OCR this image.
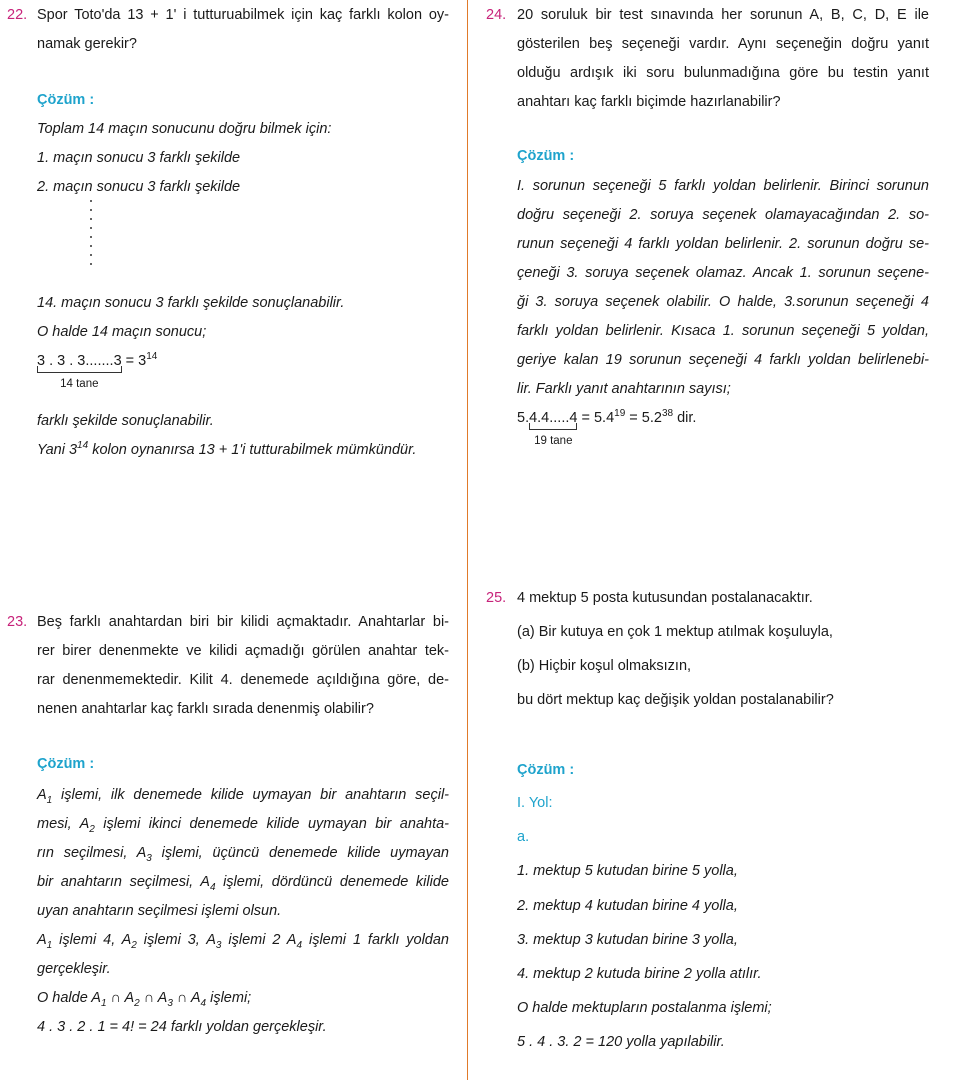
22. Spor Toto'da 13 + 1' i tutturuabilmek için kaç farklı kolon oy-
namak gerekir?
Çözüm :
Toplam 14 maçın sonucunu doğru bilmek için:
1. maçın sonucu 3 farklı şekilde
2. maçın sonucu 3 farklı şekilde
14. maçın sonucu 3 farklı şekilde sonuçlanabilir.
O halde 14 maçın sonucu;
3 . 3 . 3.......3
14 tane
= $3^{14}$
farklı şekilde sonuçlanabilir.
Yani $3^{14}$ kolon oynanırsa 13 + 1'i tutturabilmek mümkündür.
23. Beş farklı anahtardan biri bir kilidi açmaktadır. Anahtarlar bi-
rer birer denenmekte ve kilidi açmadığı görülen anahtar tek-
rar denenmemektedir. Kilit 4. denemede açıldığına göre, de-
nenen anahtarlar kaç farklı sırada denenmiş olabilir?
Çözüm :
$A_1$ işlemi, ilk denemede kilide uymayan bir anahtarın seçil-
mesi, $A_2$ işlemi ikinci denemede kilide uymayan bir anahta-
rın seçilmesi, $A_3$ işlemi, üçüncü denemede kilide uymayan
bir anahtarın seçilmesi, $A_4$ işlemi, dördüncü denemede kilide
uyan anahtarın seçilmesi işlemi olsun.
$A_1$ işlemi 4, $A_2$ işlemi 3, $A_3$ işlemi 2 $A_4$ işlemi 1 farklı yoldan
gerçekleşir.
O halde $A_1$ ∩ $A_2$ ∩ $A_3$ ∩ $A_4$ işlemi;
4 . 3 . 2 . 1 = 4! = 24 farklı yoldan gerçekleşir.
24. 20 soruluk bir test sınavında her sorunun A, B, C, D, E ile
gösterilen beş seçeneği vardır. Aynı seçeneğin doğru yanıt
olduğu ardışık iki soru bulunmadığına göre bu testin yanıt
anahtarı kaç farklı biçimde hazırlanabilir?
Çözüm :
I. sorunun seçeneği 5 farklı yoldan belirlenir. Birinci sorunun
doğru seçeneği 2. soruya seçenek olamayacağından 2. so-
runun seçeneği 4 farklı yoldan belirlenir. 2. sorunun doğru se-
çeneği 3. soruya seçenek olamaz. Ancak 1. sorunun seçene-
ği 3. soruya seçenek olabilir. O halde, 3.sorunun seçeneği 4
farklı yoldan belirlenir. Kısaca 1. sorunun seçeneği 5 yoldan,
geriye kalan 19 sorunun seçeneği 4 farklı yoldan belirlenebi-
lir. Farklı yanıt anahtarının sayısı;
5.4.4.....4
19 tane
= $5.4^{19} = 5.2^{38}$ dir.
25. 4 mektup 5 posta kutusundan postalanacaktır.
(a) Bir kutuya en çok 1 mektup atılmak koşuluyla,
(b) Hiçbir koşul olmaksızın,
bu dört mektup kaç değişik yoldan postalanabilir?
Çözüm :
I. Yol:
a.
1. mektup 5 kutudan birine 5 yolla,
2. mektup 4 kutudan birine 4 yolla,
3. mektup 3 kutudan birine 3 yolla,
4. mektup 2 kutuda birine 2 yolla atılır.
O halde mektupların postalanma işlemi;
5 . 4 . 3. 2 = 120 yolla yapılabilir.
